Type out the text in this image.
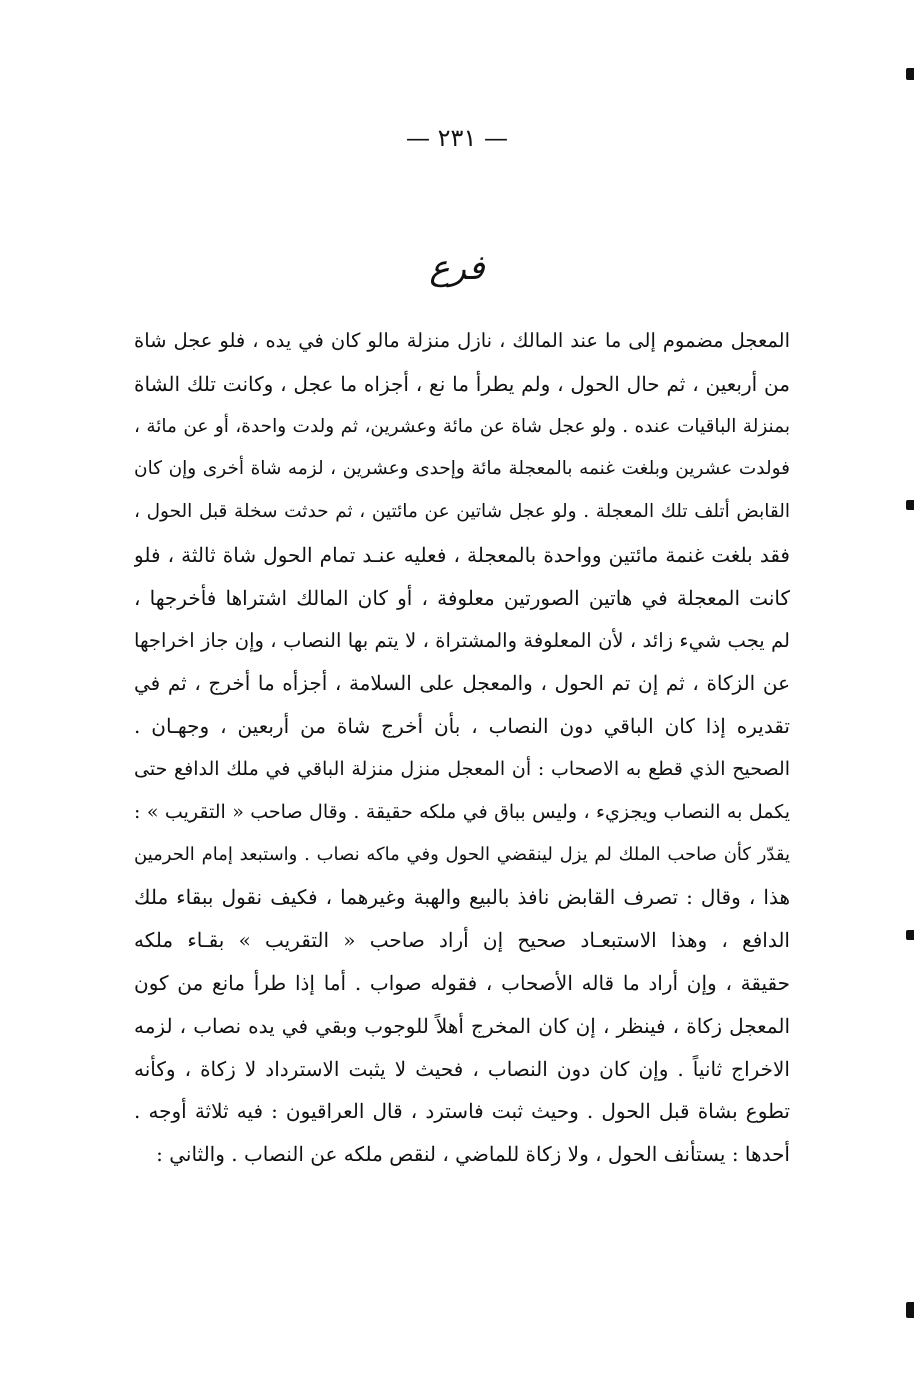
— ٢٣١ —
فرع
المعجل مضموم إلى ما عند المالك ، نازل منزلة مالو كان في يده ، فلو عجل شاة
من أربعين ، ثم حال الحول ، ولم يطرأ ما نع ، أجزاه ما عجل ، وكانت تلك الشاة
بمنزلة الباقيات عنده . ولو عجل شاة عن مائة وعشرين، ثم ولدت واحدة، أو عن مائة ،
فولدت عشرين وبلغت غنمه بالمعجلة مائة وإحدى وعشرين ، لزمه شاة أخرى وإن كان
القابض أتلف تلك المعجلة . ولو عجل شاتين عن مائتين ، ثم حدثت سخلة قبل الحول ،
فقد بلغت غنمة مائتين وواحدة بالمعجلة ، فعليه عنـد تمام الحول شاة ثالثة ، فلو
كانت المعجلة في هاتين الصورتين معلوفة ، أو كان المالك اشتراها فأخرجها ،
لم يجب شيء زائد ، لأن المعلوفة والمشتراة ، لا يتم بها النصاب ، وإن جاز اخراجها
عن الزكاة ، ثم إن تم الحول ، والمعجل على السلامة ، أجزأه ما أخرج ، ثم في
تقديره إذا كان الباقي دون النصاب ، بأن أخرج شاة من أربعين ، وجهـان .
الصحيح الذي قطع به الاصحاب : أن المعجل منزل منزلة الباقي في ملك الدافع حتى
يكمل به النصاب ويجزيء ، وليس بباق في ملكه حقيقة . وقال صاحب « التقريب » :
يقدّر كأن صاحب الملك لم يزل لينقضي الحول وفي ماكه نصاب . واستبعد إمام الحرمين
هذا ، وقال : تصرف القابض نافذ بالبيع والهبة وغيرهما ، فكيف نقول ببقاء ملك
الدافع ، وهذا الاستبعـاد صحيح إن أراد صاحب « التقريب » بقـاء ملكه
حقيقة ، وإن أراد ما قاله الأصحاب ، فقوله صواب . أما إذا طرأ مانع من كون
المعجل زكاة ، فينظر ، إن كان المخرج أهلاً للوجوب وبقي في يده نصاب ، لزمه
الاخراج ثانياً . وإن كان دون النصاب ، فحيث لا يثبت الاسترداد لا زكاة ، وكأنه
تطوع بشاة قبل الحول . وحيث ثبت فاسترد ، قال العراقيون : فيه ثلاثة أوجه .
أحدها : يستأنف الحول ، ولا زكاة للماضي ، لنقص ملكه عن النصاب . والثاني :
